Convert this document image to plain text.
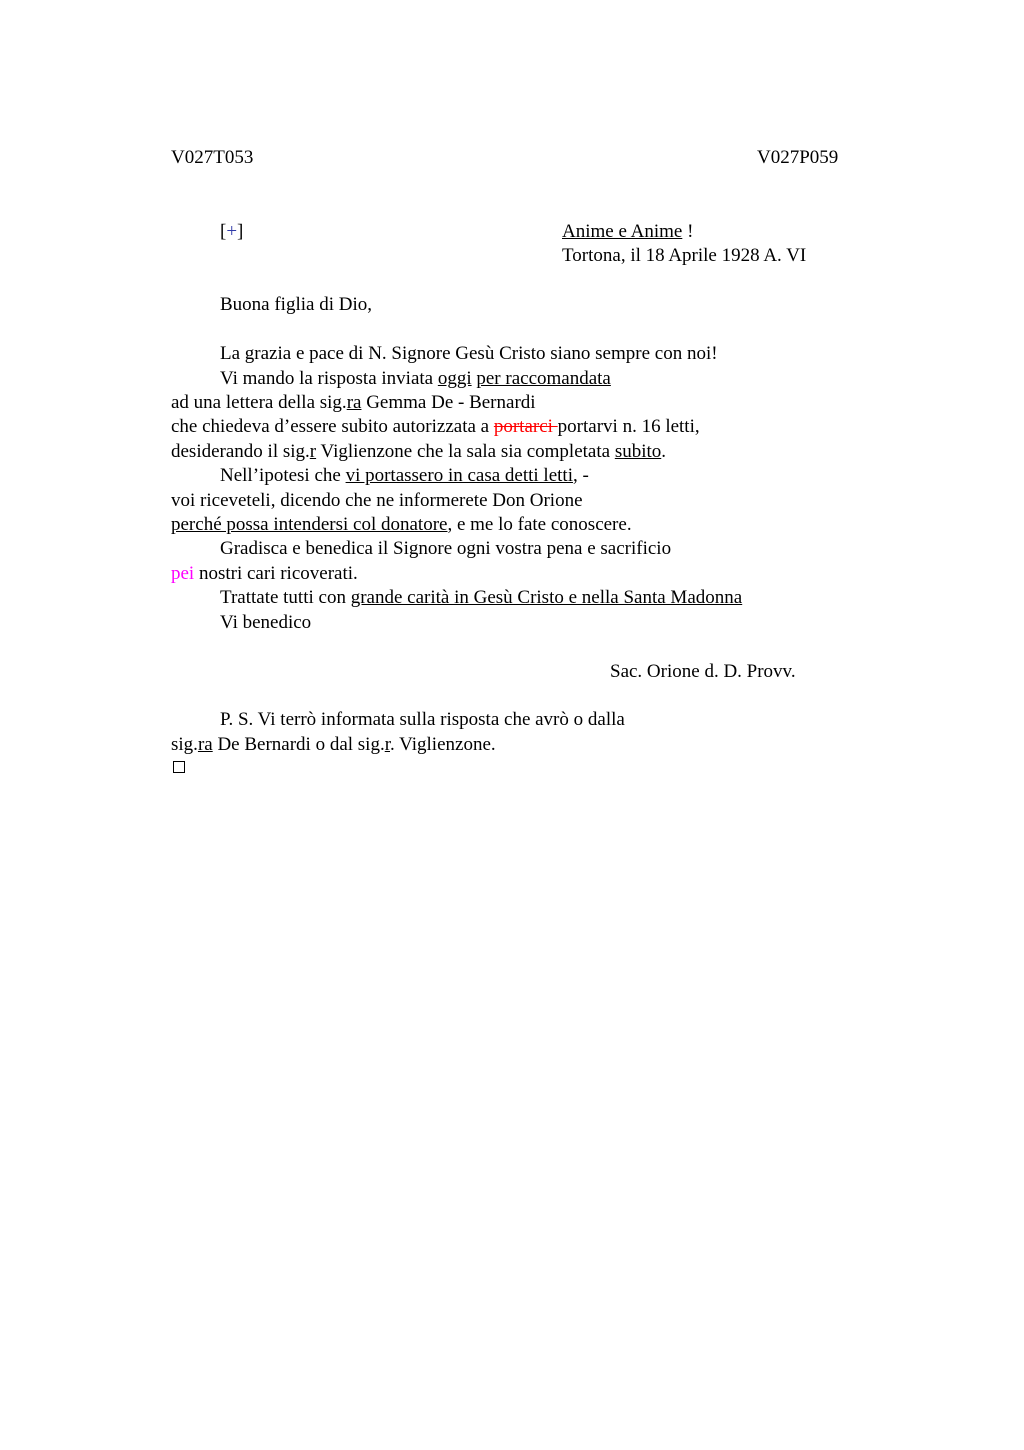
V027T053	V027P059
[+]	Anime e Anime !
Tortona, il 18 Aprile 1928 A. VI
Buona figlia di Dio,
La grazia e pace di N. Signore Gesù Cristo siano sempre con noi!
Vi mando la risposta inviata oggi per raccomandata
ad una lettera della sig.ra Gemma De - Bernardi
che chiedeva d’essere subito autorizzata a portarci portarvi n. 16 letti,
desiderando il sig.r Viglienzone che la sala sia completata subito.
Nell’ipotesi che vi portassero in casa detti letti, -
voi riceveteli, dicendo che ne informerete Don Orione
perché possa intendersi col donatore, e me lo fate conoscere.
Gradisca e benedica il Signore ogni vostra pena e sacrificio
pei nostri cari ricoverati.
Trattate tutti con grande carità in Gesù Cristo e nella Santa Madonna
Vi benedico
Sac. Orione d. D. Provv.
P. S. Vi terrò informata sulla risposta che avrò o dalla
sig.ra De Bernardi o dal sig.r. Viglienzone.
